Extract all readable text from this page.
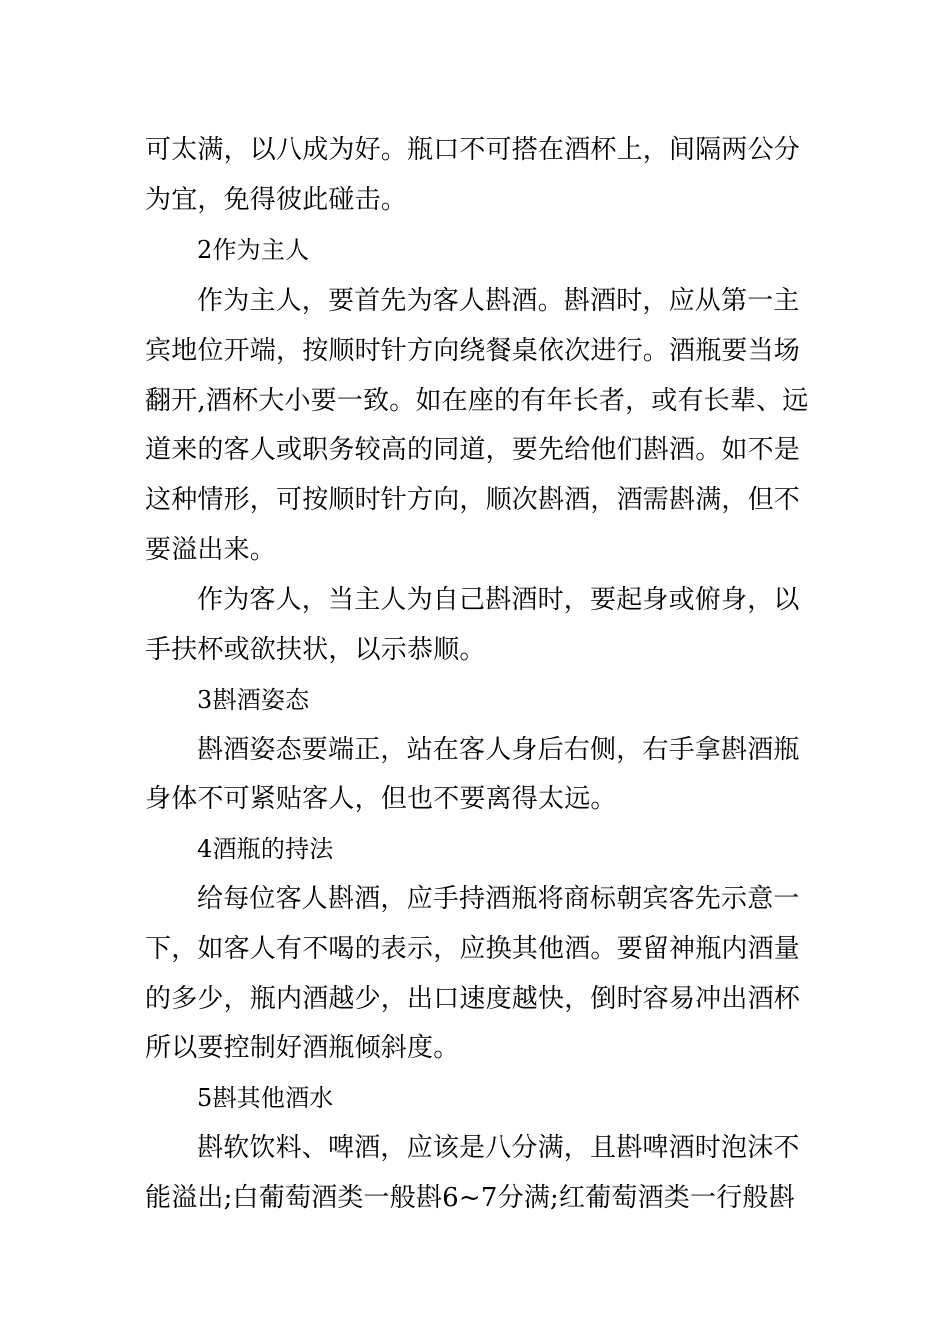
可太满，以八成为好。瓶口不可搭在酒杯上，间隔两公分
为宜，免得彼此碰击。
2作为主人
作为主人，要首先为客人斟酒。斟酒时，应从第一主
宾地位开端，按顺时针方向绕餐桌依次进行。酒瓶要当场
翻开,酒杯大小要一致。如在座的有年长者，或有长辈、远
道来的客人或职务较高的同道，要先给他们斟酒。如不是
这种情形，可按顺时针方向，顺次斟酒，酒需斟满，但不
要溢出来。
作为客人，当主人为自己斟酒时，要起身或俯身，以
手扶杯或欲扶状，以示恭顺。
3斟酒姿态
斟酒姿态要端正，站在客人身后右侧，右手拿斟酒瓶
身体不可紧贴客人，但也不要离得太远。
4酒瓶的持法
给每位客人斟酒，应手持酒瓶将商标朝宾客先示意一
下，如客人有不喝的表示，应换其他酒。要留神瓶内酒量
的多少，瓶内酒越少，出口速度越快，倒时容易冲出酒杯
所以要控制好酒瓶倾斜度。
5斟其他酒水
斟软饮料、啤酒，应该是八分满，且斟啤酒时泡沫不
能溢出;白葡萄酒类一般斟6~7分满;红葡萄酒类一行般斟
